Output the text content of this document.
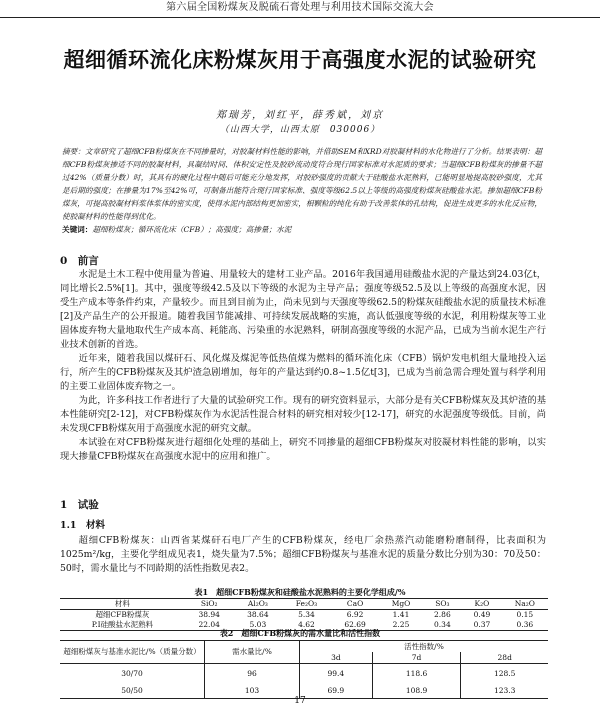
第六届全国粉煤灰及脱硫石膏处理与利用技术国际交流大会
超细循环流化床粉煤灰用于高强度水泥的试验研究
郑瑞芳，刘红平，薛秀斌，刘京
（山西大学，山西太原　030006）
摘要：文章研究了超细CFB粉煤灰在不同掺量时，对胶凝材料性能的影响，并借助SEM和XRD对胶凝材料的水化物进行了分析。结果表明：超细CFB粉煤灰掺适不同的胶凝材料，具凝结时间、体积安定性及胶砂流动度符合现行国家标准对水泥质的要求；当超细CFB粉煤灰的掺量不超过42%（质量分数）时，其具有的硬化过程中随后可能充分地发挥，对胶砂强度的贡献大于硅酸盐水泥熟料，已能明显地提高胶砂强度，尤其是后期的强度；在掺量为17%至42%可，可制备出能符合现行国家标准、强度等级62.5以上等级的高强度粉煤灰硅酸盐水泥。掺加超细CFB粉煤灰，可提高胶凝材料浆体浆体的密实度，使得水泥内部结构更加密实，相颗粒的纯化有助于改善浆体的孔结构，促进生成更多的水化反应物，使胶凝材料的性能得到优化。
关键词：超细粉煤灰；循环流化床（CFB）；高强度；高掺量；水泥
0　前言

水泥是土木工程中使用量为普遍、用量较大的建材工业产品。2016年我国通用硅酸盐水泥的产量达到24.03亿t，同比增长2.5%[1]。其中，强度等级42.5及以下等级的水泥为主导产品；强度等级52.5及以上等级的高强度水泥，因受生产成本等条件约束，产量较少。而且到目前为止，尚未见到与天强度等级62.5的粉煤灰硅酸盐水泥的质量技术标准[2]及产品生产的公开报道。随着我国节能减排、可持续发展战略的实施，高认低强度等级的水泥，利用粉煤灰等工业固体废弃物大量地取代生产成本高、耗能高、污染重的水泥熟料，研制高强度等级的水泥产品，已成为当前水泥生产行业技术创新的首选。

近年来，随着我国以煤矸石、风化煤及煤泥等低热值煤为燃料的循环流化床（CFB）锅炉发电机组大量地投入运行，所产生的CFB粉煤灰及其炉渣急剧增加，每年的产量达到约0.8~1.5亿t[3]，已成为当前急需合理处置与科学利用的主要工业固体废弃物之一。

为此，许多科技工作者进行了大量的试验研究工作。现有的研究资料显示，大部分是有关CFB粉煤灰及其炉渣的基本性能研究[2-12]，对CFB粉煤灰作为水泥活性混合材料的研究相对较少[12-17]，研究的水泥强度等级低。目前，尚未发现CFB粉煤灰用于高强度水泥的研究文献。

本试验在对CFB粉煤灰进行超细化处理的基础上，研究不同掺量的超细CFB粉煤灰对胶凝材料性能的影响，以实现大掺量CFB粉煤灰在高强度水泥中的应用和推广。

1　试验
1.1　材料

超细CFB粉煤灰：山西省某煤矸石电厂产生的CFB粉煤灰，经电厂余热蒸汽动能磨粉磨制得，比表面积为1025m²/kg，主要化学组成见表1，烧失量为7.5%；超细CFB粉煤灰与基准水泥的质量分数比分别为30：70及50：50时，需水量比与不同龄期的活性指数见表2。

表1　超细CFB粉煤灰和硅酸盐水泥熟料的主要化学组成/%
材料	SiO₂	Al₂O₃	Fe₂O₃	CaO	MgO	SO₃	K₂O	Na₂O
超细CFB粉煤灰	38.94	38.64	5.34	6.92	1.41	2.86	0.49	0.15
P.I硅酸盐水泥熟料	22.04	5.03	4.62	62.69	2.25	0.34	0.37	0.36
表2　超细CFB粉煤灰的需水量比和活性指数
超细粉煤灰与基准水泥比/%（质量分数）	需水量比/%	活性指数/%		
		3d	7d	28d
30/70	96	99.4	118.6	128.5
50/50	103	69.9	108.9	123.3
17
